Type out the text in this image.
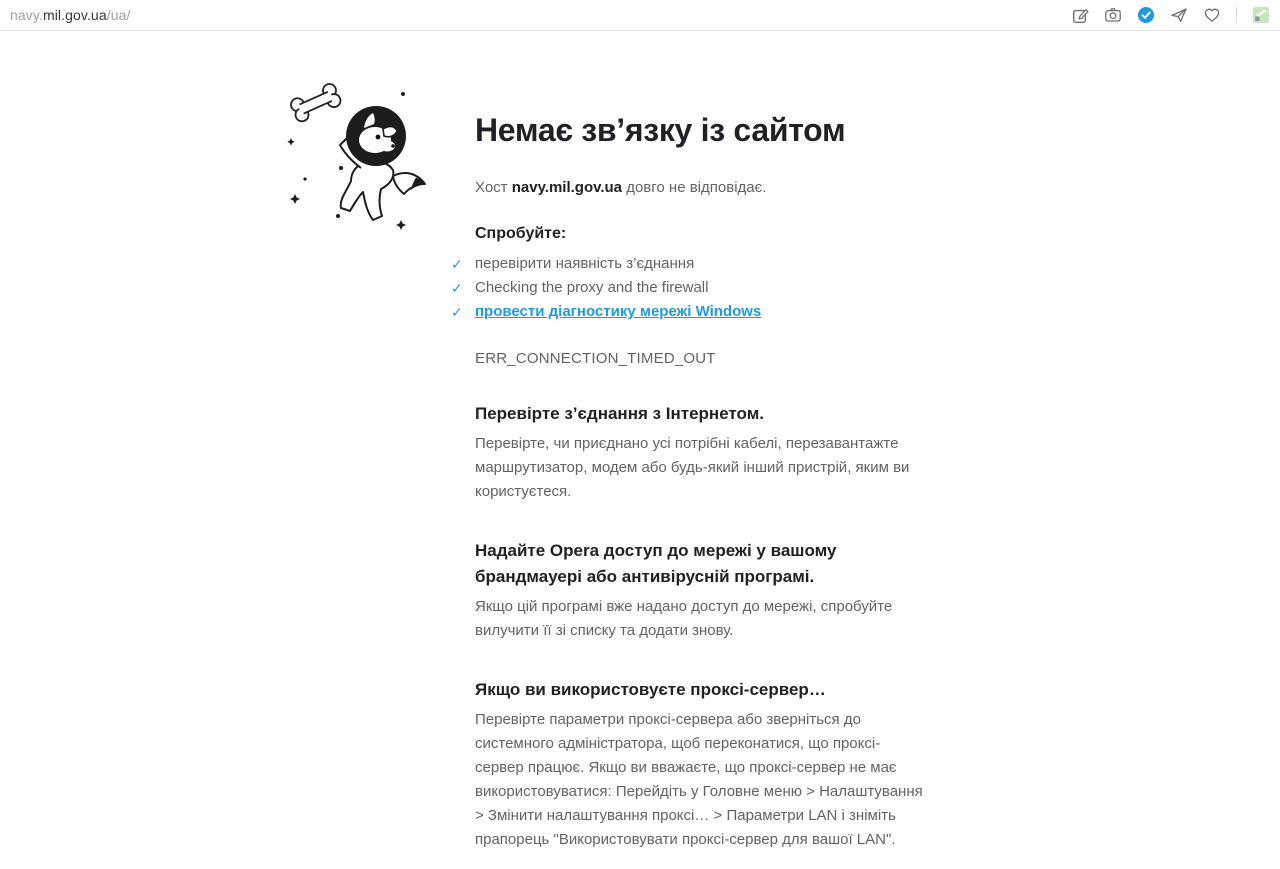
navy. mil.gov.ua /ua/
Немає зв’язку із сайтом

Хост navy.mil.gov.ua довго не відповідає.

Спробуйте:

✓ перевірити наявність з’єднання
✓ Checking the proxy and the firewall
✓ провести діагностику мережі Windows

ERR_CONNECTION_TIMED_OUT

Перевірте з’єднання з Інтернетом.

Перевірте, чи приєднано усі потрібні кабелі, перезавантажте маршрутизатор, модем або будь-який інший пристрій, яким ви користуєтеся.

Надайте Opera доступ до мережі у вашому брандмауері або антивірусній програмі.

Якщо цій програмі вже надано доступ до мережі, спробуйте вилучити її зі списку та додати знову.

Якщо ви використовуєте проксі-сервер…

Перевірте параметри проксі-сервера або зверніться до системного адміністратора, щоб переконатися, що проксі-сервер працює. Якщо ви вважаєте, що проксі-сервер не має використовуватися: Перейдіть у Головне меню > Налаштування > Змінити налаштування проксі… > Параметри LAN і зніміть прапорець "Використовувати проксі-сервер для вашої LAN".
